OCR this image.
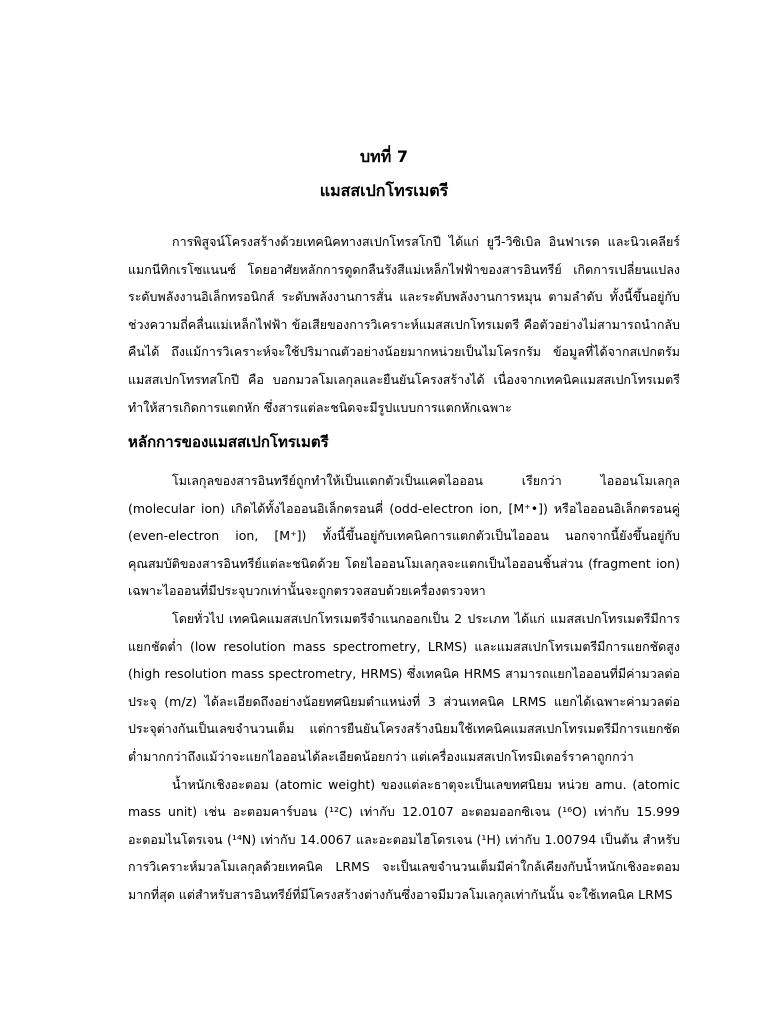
บทที่ 7
แมสสเปกโทรเมตรี

การพิสูจน์โครงสร้างด้วยเทคนิคทางสเปกโทรสโกปี ได้แก่ ยูวี-วิซิเบิล อินฟาเรด และนิวเคลียร์แมกนีทิกเรโซแนนซ์ โดยอาศัยหลักการดูดกลืนรังสีแม่เหล็กไฟฟ้าของสารอินทรีย์ เกิดการเปลี่ยนแปลงระดับพลังงานอิเล็กทรอนิกส์ ระดับพลังงานการสั่น และระดับพลังงานการหมุน ตามลำดับ ทั้งนี้ขึ้นอยู่กับช่วงความถี่คลื่นแม่เหล็กไฟฟ้า ข้อเสียของการวิเคราะห์แมสสเปกโทรเมตรี คือตัวอย่างไม่สามารถนำกลับคืนได้ ถึงแม้การวิเคราะห์จะใช้ปริมาณตัวอย่างน้อยมากหน่วยเป็นไมโครกรัม ข้อมูลที่ได้จากสเปกตรัมแมสสเปกโทรทสโกปี คือ บอกมวลโมเลกุลและยืนยันโครงสร้างได้ เนื่องจากเทคนิคแมสสเปกโทรเมตรีทำให้สารเกิดการแตกหัก ซึ่งสารแต่ละชนิดจะมีรูปแบบการแตกหักเฉพาะ

หลักการของแมสสเปกโทรเมตรี

โมเลกุลของสารอินทรีย์ถูกทำให้เป็นแตกตัวเป็นแคตไอออน เรียกว่า ไอออนโมเลกุล (molecular ion) เกิดได้ทั้งไอออนอิเล็กตรอนคี่ (odd-electron ion, [M⁺•]) หรือไอออนอิเล็กตรอนคู่ (even-electron ion, [M⁺]) ทั้งนี้ขึ้นอยู่กับเทคนิคการแตกตัวเป็นไอออน นอกจากนี้ยังขึ้นอยู่กับคุณสมบัติของสารอินทรีย์แต่ละชนิดด้วย โดยไอออนโมเลกุลจะแตกเป็นไอออนชิ้นส่วน (fragment ion) เฉพาะไอออนที่มีประจุบวกเท่านั้นจะถูกตรวจสอบด้วยเครื่องตรวจหา

โดยทั่วไป เทคนิคแมสสเปกโทรเมตรีจำแนกออกเป็น 2 ประเภท ได้แก่ แมสสเปกโทรเมตรีมีการแยกชัดต่ำ (low resolution mass spectrometry, LRMS) และแมสสเปกโทรเมตรีมีการแยกชัดสูง (high resolution mass spectrometry, HRMS) ซึ่งเทคนิค HRMS สามารถแยกไอออนที่มีค่ามวลต่อประจุ (m/z) ได้ละเอียดถึงอย่างน้อยทศนิยมตำแหน่งที่ 3 ส่วนเทคนิค LRMS แยกได้เฉพาะค่ามวลต่อประจุต่างกันเป็นเลขจำนวนเต็ม แต่การยืนยันโครงสร้างนิยมใช้เทคนิคแมสสเปกโทรเมตรีมีการแยกชัดต่ำมากกว่าถึงแม้ว่าจะแยกไอออนได้ละเอียดน้อยกว่า แต่เครื่องแมสสเปกโทรมิเตอร์ราคาถูกกว่า

น้ำหนักเชิงอะตอม (atomic weight) ของแต่ละธาตุจะเป็นเลขทศนิยม หน่วย amu. (atomic mass unit) เช่น อะตอมคาร์บอน (¹²C) เท่ากับ 12.0107 อะตอมออกซิเจน (¹⁶O) เท่ากับ 15.999 อะตอมไนโตรเจน (¹⁴N) เท่ากับ 14.0067 และอะตอมไฮโดรเจน (¹H) เท่ากับ 1.00794 เป็นต้น สำหรับการวิเคราะห์มวลโมเลกุลด้วยเทคนิค LRMS จะเป็นเลขจำนวนเต็มมีค่าใกล้เคียงกับน้ำหนักเชิงอะตอมมากที่สุด แต่สำหรับสารอินทรีย์ที่มีโครงสร้างต่างกันซึ่งอาจมีมวลโมเลกุลเท่ากันนั้น จะใช้เทคนิค LRMS
